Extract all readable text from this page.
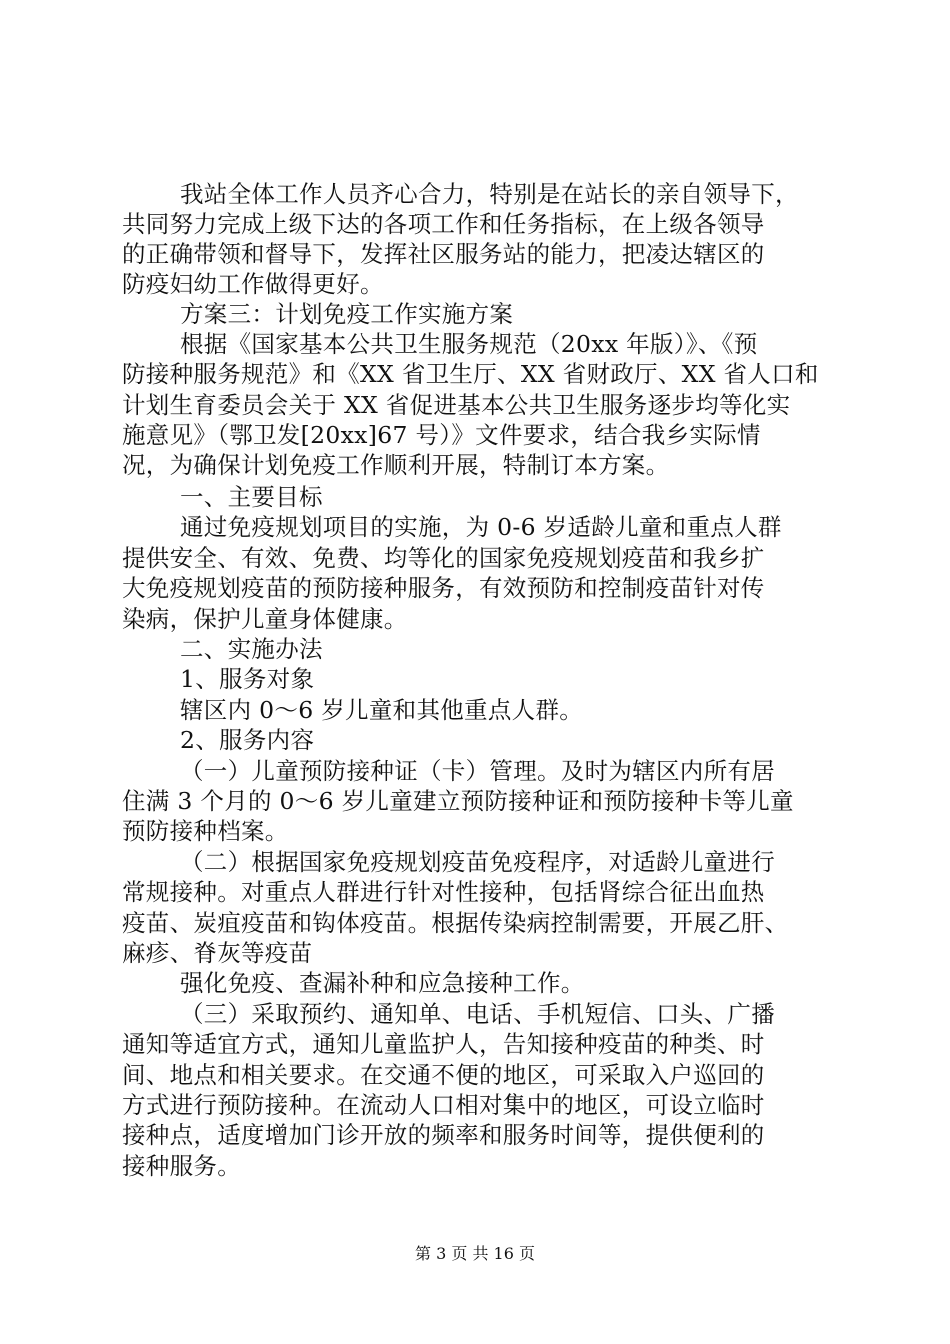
我站全体工作人员齐心合力，特别是在站长的亲自领导下，
共同努力完成上级下达的各项工作和任务指标，在上级各领导
的正确带领和督导下，发挥社区服务站的能力，把凌达辖区的
防疫妇幼工作做得更好。
方案三：计划免疫工作实施方案
根据《国家基本公共卫生服务规范（20xx 年版）》、《预
防接种服务规范》和《XX 省卫生厅、XX 省财政厅、XX 省人口和
计划生育委员会关于 XX 省促进基本公共卫生服务逐步均等化实
施意见》（鄂卫发[20xx]67 号）》文件要求，结合我乡实际情
况，为确保计划免疫工作顺利开展，特制订本方案。
一、主要目标
通过免疫规划项目的实施，为 0-6 岁适龄儿童和重点人群
提供安全、有效、免费、均等化的国家免疫规划疫苗和我乡扩
大免疫规划疫苗的预防接种服务，有效预防和控制疫苗针对传
染病，保护儿童身体健康。
二、实施办法
1、服务对象
辖区内 0～6 岁儿童和其他重点人群。
2、服务内容
（一）儿童预防接种证（卡）管理。及时为辖区内所有居
住满 3 个月的 0～6 岁儿童建立预防接种证和预防接种卡等儿童
预防接种档案。
（二）根据国家免疫规划疫苗免疫程序，对适龄儿童进行
常规接种。对重点人群进行针对性接种，包括肾综合征出血热
疫苗、炭疽疫苗和钩体疫苗。根据传染病控制需要，开展乙肝、
麻疹、脊灰等疫苗
强化免疫、查漏补种和应急接种工作。
（三）采取预约、通知单、电话、手机短信、口头、广播
通知等适宜方式，通知儿童监护人，告知接种疫苗的种类、时
间、地点和相关要求。在交通不便的地区，可采取入户巡回的
方式进行预防接种。在流动人口相对集中的地区，可设立临时
接种点，适度增加门诊开放的频率和服务时间等，提供便利的
接种服务。
第 3 页 共 16 页
